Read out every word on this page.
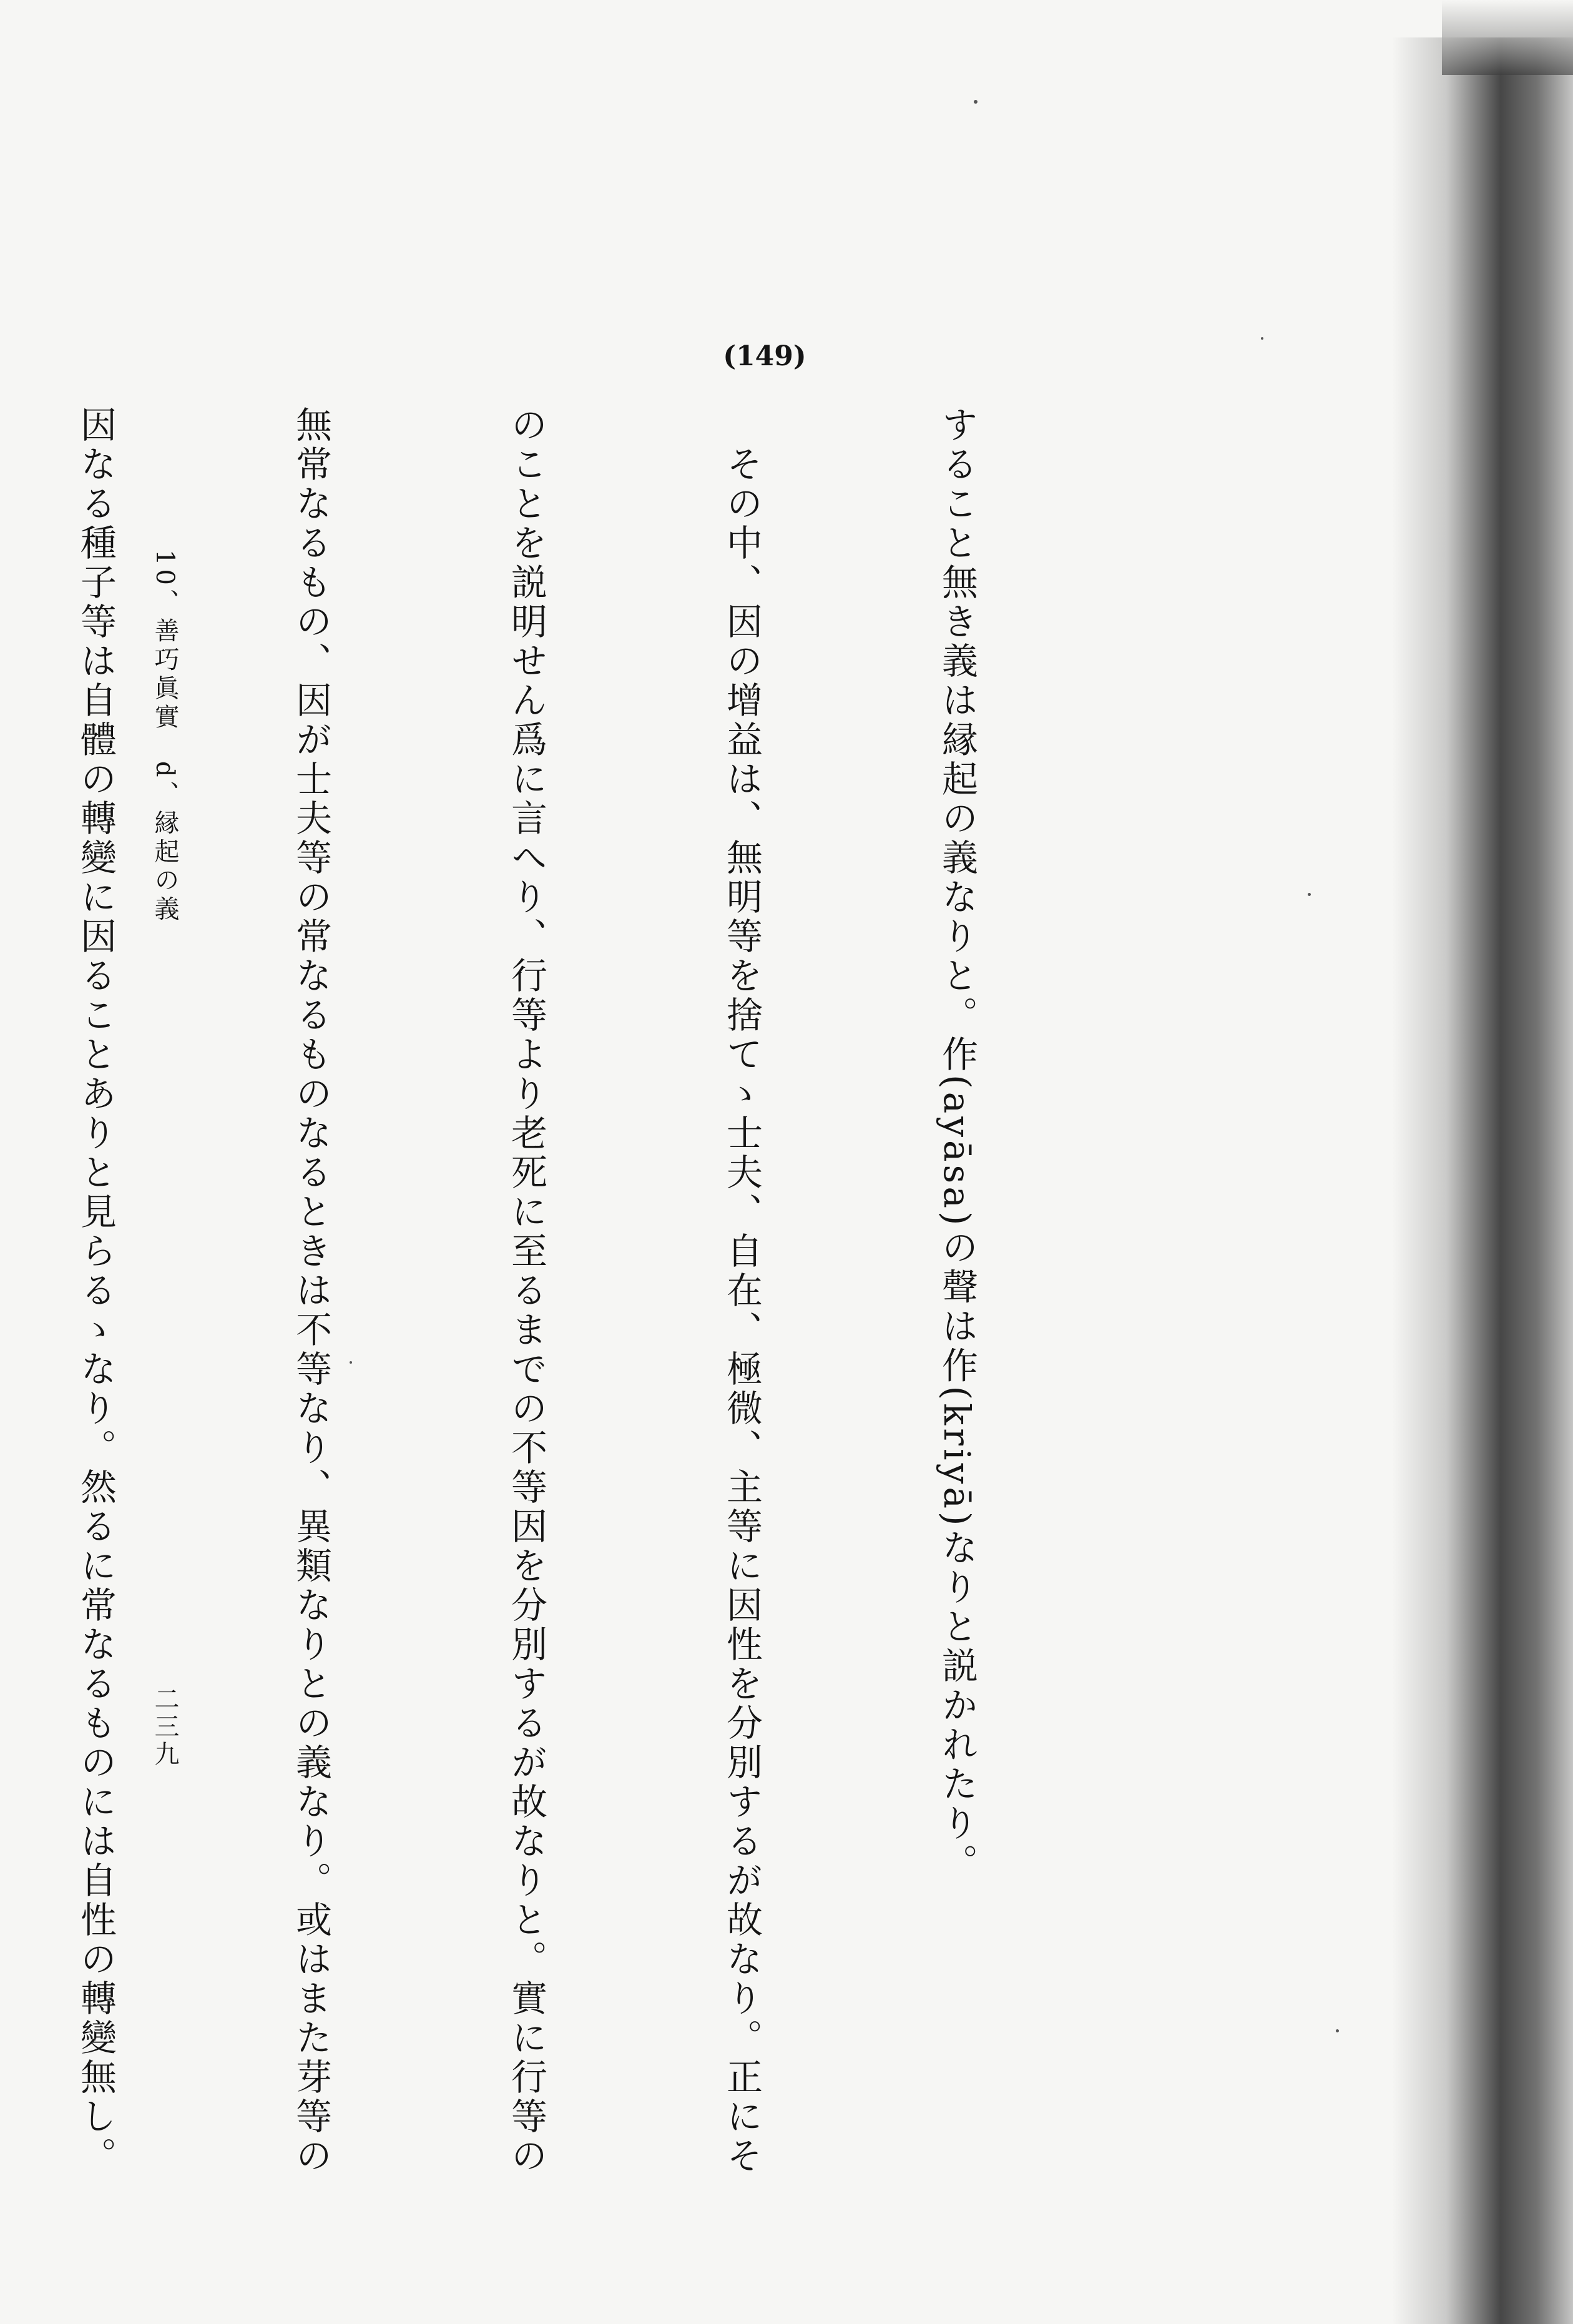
(149)

すること無き義は縁起の義なりと。作(ayāsa)の聲は作(kriyā)なりと説かれたり。

　その中、因の增益は、無明等を捨てゝ士夫、自在、極微、主等に因性を分別するが故なり。正にそ

のことを説明せん爲に言へり、行等より老死に至るまでの不等因を分別するが故なりと。實に行等の

無常なるもの、因が士夫等の常なるものなるときは不等なり、異類なりとの義なり。或はまた芽等の

因なる種子等は自體の轉變に因ることありと見らるゝなり。然るに常なるものには自性の轉變無し。

	10、善巧眞實　d、縁起の義
二三九
